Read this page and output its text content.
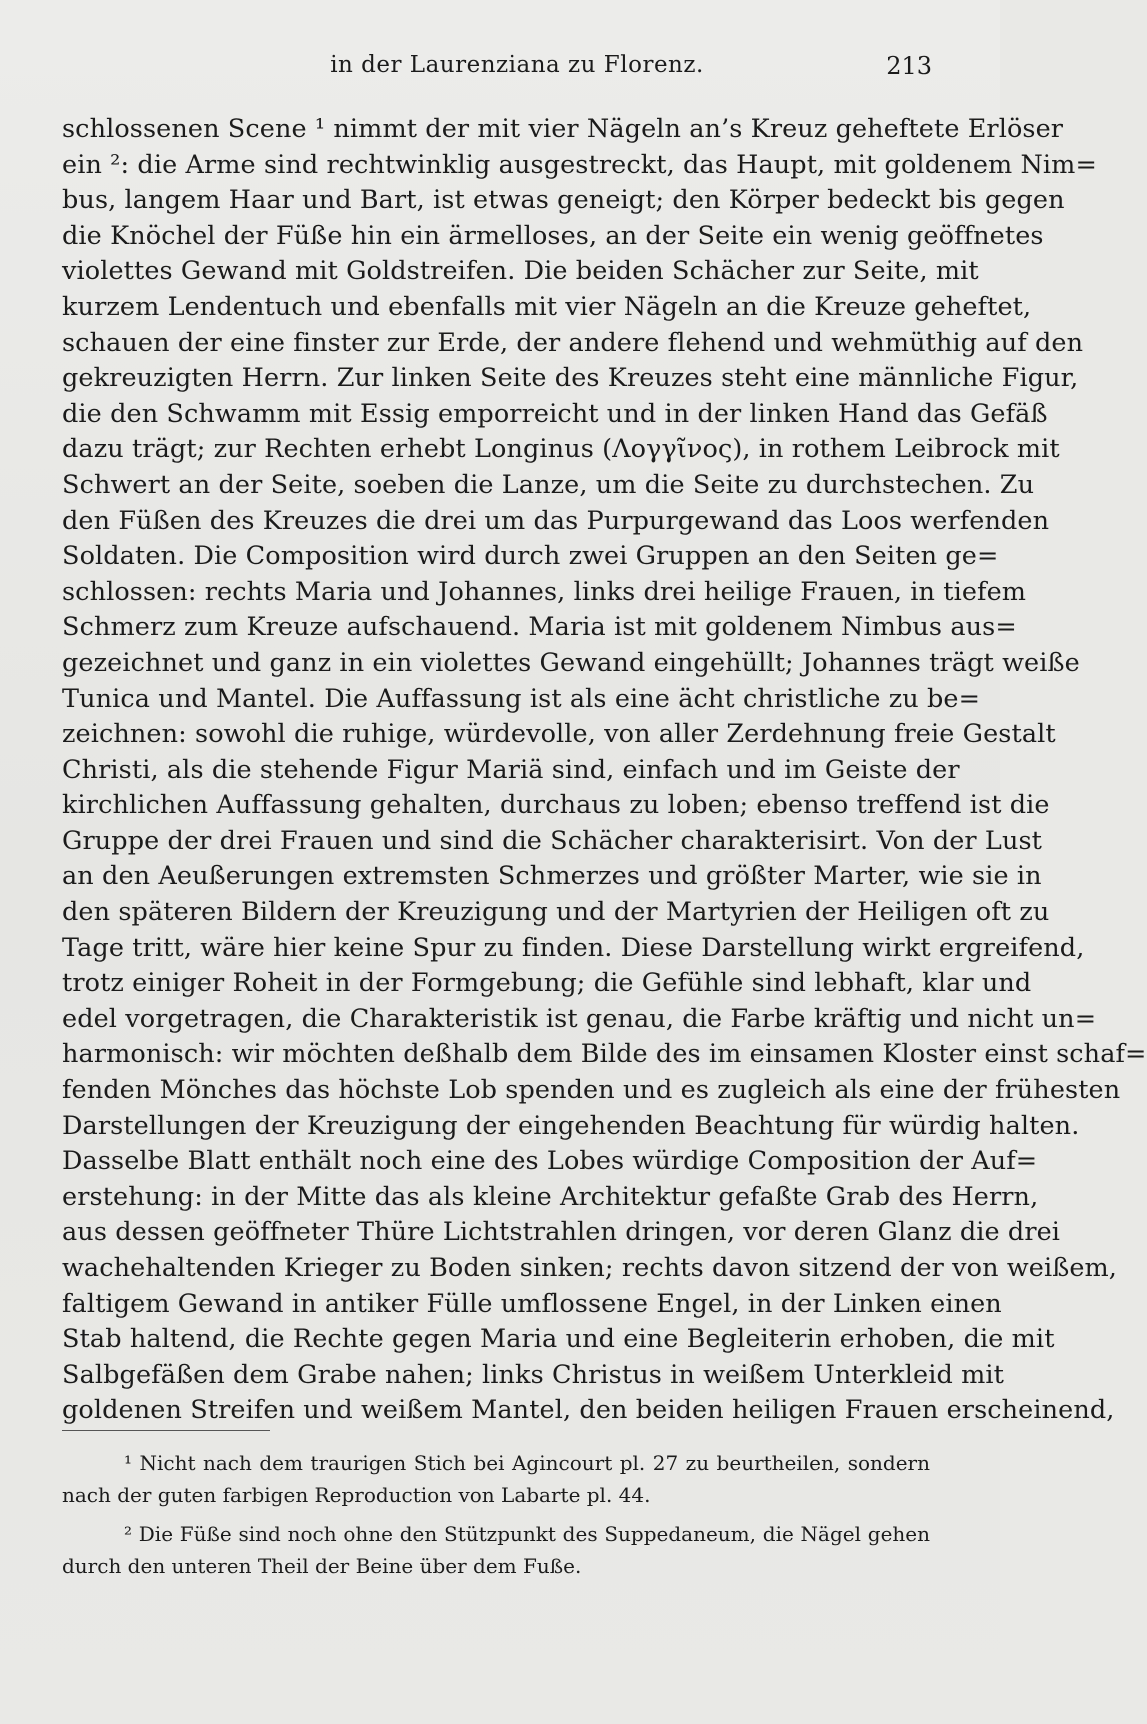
in der Laurenziana zu Florenz.	213
schlossenen Scene ¹ nimmt der mit vier Nägeln an’s Kreuz geheftete Erlöser
ein ²: die Arme sind rechtwinklig ausgestreckt, das Haupt, mit goldenem Nim=
bus, langem Haar und Bart, ist etwas geneigt; den Körper bedeckt bis gegen
die Knöchel der Füße hin ein ärmelloses, an der Seite ein wenig geöffnetes
violettes Gewand mit Goldstreifen. Die beiden Schächer zur Seite, mit
kurzem Lendentuch und ebenfalls mit vier Nägeln an die Kreuze geheftet,
schauen der eine finster zur Erde, der andere flehend und wehmüthig auf den
gekreuzigten Herrn. Zur linken Seite des Kreuzes steht eine männliche Figur,
die den Schwamm mit Essig emporreicht und in der linken Hand das Gefäß
dazu trägt; zur Rechten erhebt Longinus (Λογγῖνος), in rothem Leibrock mit
Schwert an der Seite, soeben die Lanze, um die Seite zu durchstechen. Zu
den Füßen des Kreuzes die drei um das Purpurgewand das Loos werfenden
Soldaten. Die Composition wird durch zwei Gruppen an den Seiten ge=
schlossen: rechts Maria und Johannes, links drei heilige Frauen, in tiefem
Schmerz zum Kreuze aufschauend. Maria ist mit goldenem Nimbus aus=
gezeichnet und ganz in ein violettes Gewand eingehüllt; Johannes trägt weiße
Tunica und Mantel. Die Auffassung ist als eine ächt christliche zu be=
zeichnen: sowohl die ruhige, würdevolle, von aller Zerdehnung freie Gestalt
Christi, als die stehende Figur Mariä sind, einfach und im Geiste der
kirchlichen Auffassung gehalten, durchaus zu loben; ebenso treffend ist die
Gruppe der drei Frauen und sind die Schächer charakterisirt. Von der Lust
an den Aeußerungen extremsten Schmerzes und größter Marter, wie sie in
den späteren Bildern der Kreuzigung und der Martyrien der Heiligen oft zu
Tage tritt, wäre hier keine Spur zu finden. Diese Darstellung wirkt ergreifend,
trotz einiger Roheit in der Formgebung; die Gefühle sind lebhaft, klar und
edel vorgetragen, die Charakteristik ist genau, die Farbe kräftig und nicht un=
harmonisch: wir möchten deßhalb dem Bilde des im einsamen Kloster einst schaf=
fenden Mönches das höchste Lob spenden und es zugleich als eine der frühesten
Darstellungen der Kreuzigung der eingehenden Beachtung für würdig halten.
Dasselbe Blatt enthält noch eine des Lobes würdige Composition der Auf=
erstehung: in der Mitte das als kleine Architektur gefaßte Grab des Herrn,
aus dessen geöffneter Thüre Lichtstrahlen dringen, vor deren Glanz die drei
wachehaltenden Krieger zu Boden sinken; rechts davon sitzend der von weißem,
faltigem Gewand in antiker Fülle umflossene Engel, in der Linken einen
Stab haltend, die Rechte gegen Maria und eine Begleiterin erhoben, die mit
Salbgefäßen dem Grabe nahen; links Christus in weißem Unterkleid mit
goldenen Streifen und weißem Mantel, den beiden heiligen Frauen erscheinend,
¹ Nicht nach dem traurigen Stich bei Agincourt pl. 27 zu beurtheilen, sondern
nach der guten farbigen Reproduction von Labarte pl. 44.
² Die Füße sind noch ohne den Stützpunkt des Suppedaneum, die Nägel gehen
durch den unteren Theil der Beine über dem Fuße.
